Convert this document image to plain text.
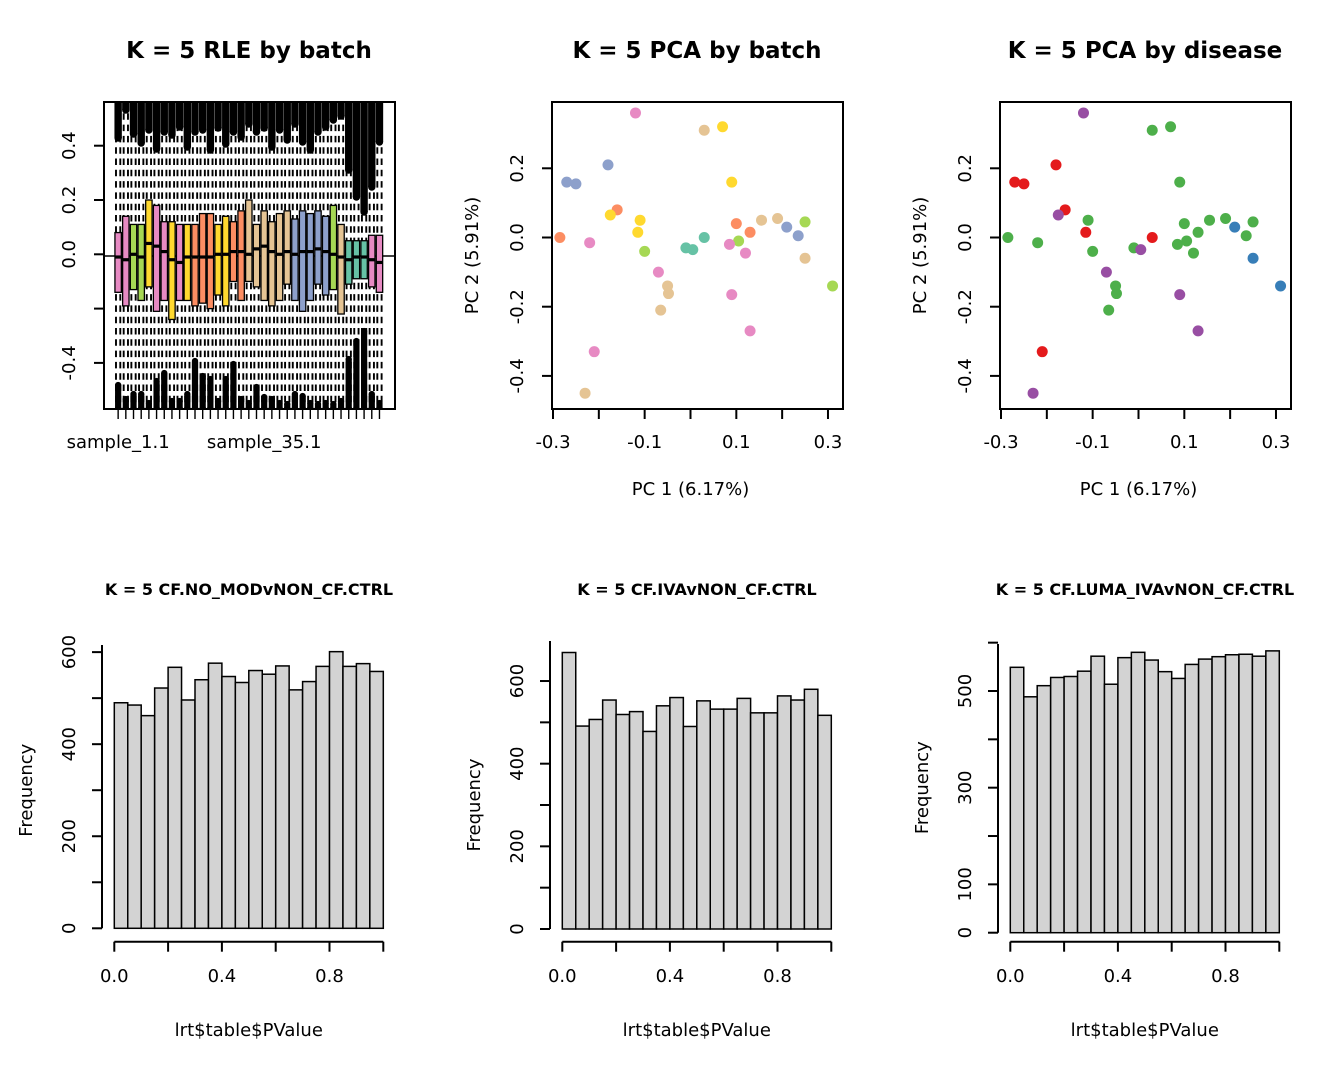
K = 5 RLE by batch
0.4
0.2
0.0
-0.4
sample_1.1 sample_35.1
K = 5 PCA by batch
-0.3	-0.1	0.1	0.3
0.2
0.0
-0.2
-0.4
PC 1 (6.17%)
PC 2 (5.91%)
K = 5 PCA by disease
-0.3	-0.1	0.1	0.3
0.2
0.0
-0.2
-0.4
PC 1 (6.17%)
PC 2 (5.91%)
K = 5 CF.NO_MODvNON_CF.CTRL
0
200
400
600
0.0	0.4	0.8
lrt$table$PValue
Frequency
K = 5 CF.IVAvNON_CF.CTRL
0
200
400
600
0.0	0.4	0.8
lrt$table$PValue
Frequency
K = 5 CF.LUMA_IVAvNON_CF.CTRL
0
100
300
500
0.0	0.4	0.8
lrt$table$PValue
Frequency
